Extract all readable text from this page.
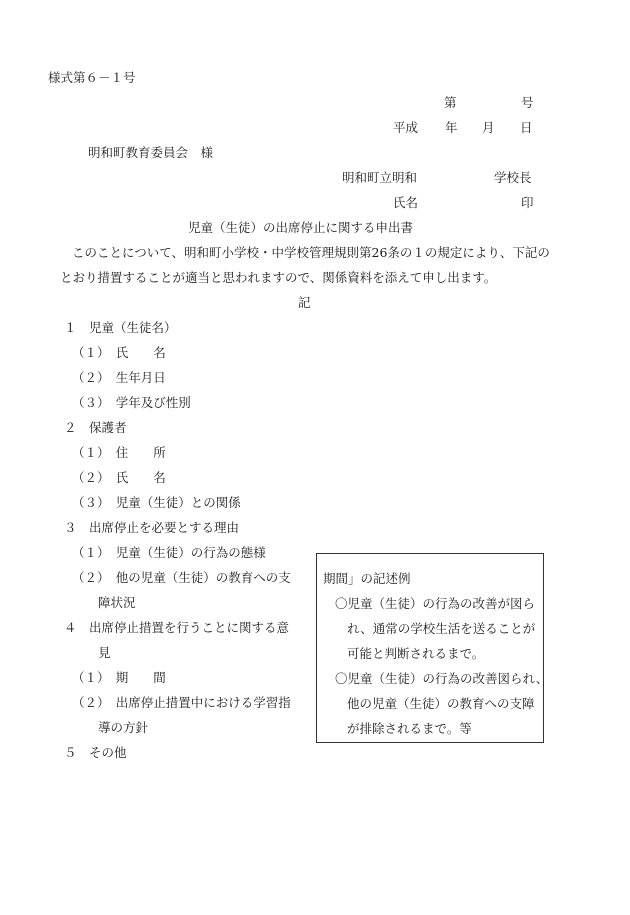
様式第６－１号
第	号
平成 年 月 日
明和町教育委員会　様
明和町立明和	学校長
氏名	印
児童（生徒）の出席停止に関する申出書
このことについて、明和町小学校・中学校管理規則第26条の１の規定により、下記の
とおり措置することが適当と思われますので、関係資料を添えて申し出ます。
記
１　児童（生徒名）
（１）　氏　　名
（２）　生年月日
（３）　学年及び性別
２　保護者
（１）　住　　所
（２）　氏　　名
（３）　児童（生徒）との関係
３　出席停止を必要とする理由
（１）　児童（生徒）の行為の態様
（２）　他の児童（生徒）の教育への支
障状況
４　出席停止措置を行うことに関する意
見
（１）　期　　間
（２）　出席停止措置中における学習指
導の方針
５　その他
期間」の記述例
〇児童（生徒）の行為の改善が図ら
れ、通常の学校生活を送ることが
可能と判断されるまで。
〇児童（生徒）の行為の改善図られ、
他の児童（生徒）の教育への支障
が排除されるまで。等
